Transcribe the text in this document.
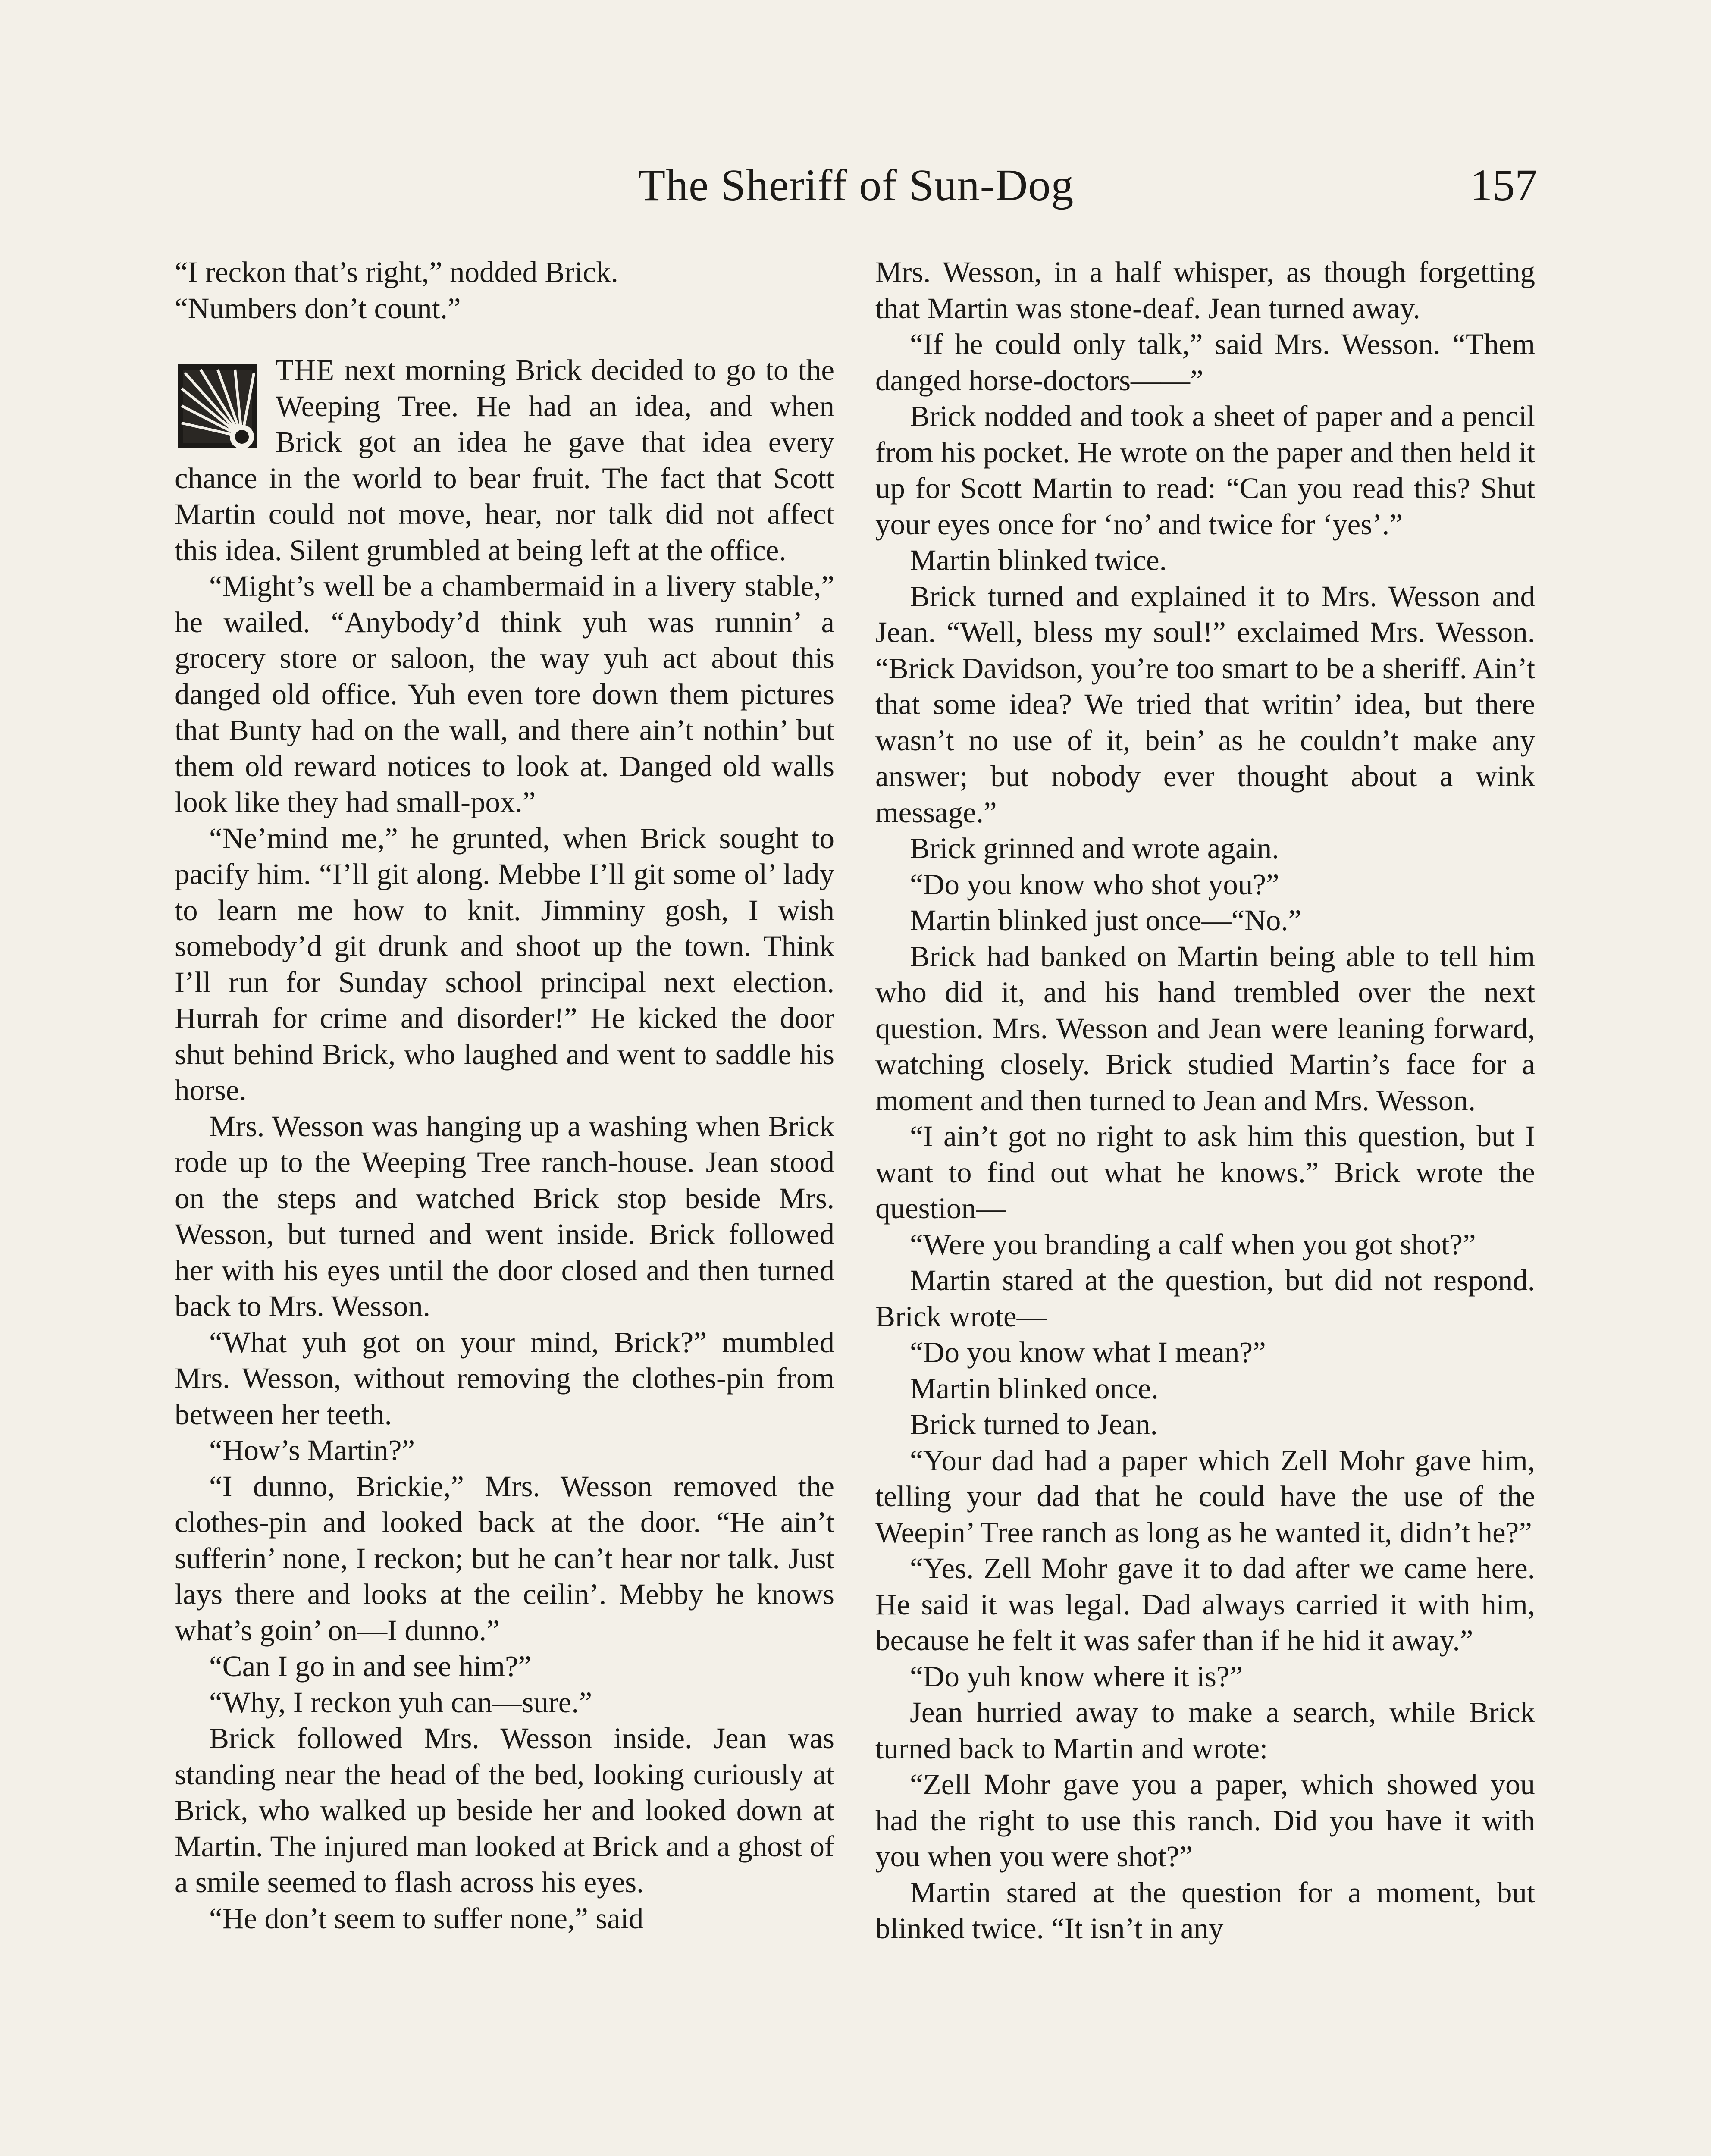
The Sheriff of Sun-Dog	157

“I reckon that’s right,” nodded Brick.

“Numbers don’t count.”

THE next morning Brick decided to go to the Weeping Tree. He had an idea, and when Brick got an idea he gave that idea every chance in the world to bear fruit. The fact that Scott Martin could not move, hear, nor talk did not affect this idea. Silent grumbled at being left at the office.

“Might’s well be a chambermaid in a livery stable,” he wailed. “Anybody’d think yuh was runnin’ a grocery store or saloon, the way yuh act about this danged old office. Yuh even tore down them pictures that Bunty had on the wall, and there ain’t nothin’ but them old reward notices to look at. Danged old walls look like they had small-pox.”

“Ne’mind me,” he grunted, when Brick sought to pacify him. “I’ll git along. Mebbe I’ll git some ol’ lady to learn me how to knit. Jimminy gosh, I wish somebody’d git drunk and shoot up the town. Think I’ll run for Sunday school principal next election. Hurrah for crime and disorder!” He kicked the door shut behind Brick, who laughed and went to saddle his horse.

Mrs. Wesson was hanging up a washing when Brick rode up to the Weeping Tree ranch-house. Jean stood on the steps and watched Brick stop beside Mrs. Wesson, but turned and went inside. Brick followed her with his eyes until the door closed and then turned back to Mrs. Wesson.

“What yuh got on your mind, Brick?” mumbled Mrs. Wesson, without removing the clothes-pin from between her teeth.

“How’s Martin?”

“I dunno, Brickie,” Mrs. Wesson removed the clothes-pin and looked back at the door. “He ain’t sufferin’ none, I reckon; but he can’t hear nor talk. Just lays there and looks at the ceilin’. Mebby he knows what’s goin’ on—I dunno.”

“Can I go in and see him?”

“Why, I reckon yuh can—sure.”

Brick followed Mrs. Wesson inside. Jean was standing near the head of the bed, looking curiously at Brick, who walked up beside her and looked down at Martin. The injured man looked at Brick and a ghost of a smile seemed to flash across his eyes.

“He don’t seem to suffer none,” said

Mrs. Wesson, in a half whisper, as though forgetting that Martin was stone-deaf. Jean turned away.

“If he could only talk,” said Mrs. Wesson. “Them danged horse-doctors——”

Brick nodded and took a sheet of paper and a pencil from his pocket. He wrote on the paper and then held it up for Scott Martin to read: “Can you read this? Shut your eyes once for ‘no’ and twice for ‘yes’.”

Martin blinked twice.

Brick turned and explained it to Mrs. Wesson and Jean. “Well, bless my soul!” exclaimed Mrs. Wesson. “Brick Davidson, you’re too smart to be a sheriff. Ain’t that some idea? We tried that writin’ idea, but there wasn’t no use of it, bein’ as he couldn’t make any answer; but nobody ever thought about a wink message.”

Brick grinned and wrote again.

“Do you know who shot you?”

Martin blinked just once—“No.”

Brick had banked on Martin being able to tell him who did it, and his hand trembled over the next question. Mrs. Wesson and Jean were leaning forward, watching closely. Brick studied Martin’s face for a moment and then turned to Jean and Mrs. Wesson.

“I ain’t got no right to ask him this question, but I want to find out what he knows.” Brick wrote the question—

“Were you branding a calf when you got shot?”

Martin stared at the question, but did not respond. Brick wrote—

“Do you know what I mean?”

Martin blinked once.

Brick turned to Jean.

“Your dad had a paper which Zell Mohr gave him, telling your dad that he could have the use of the Weepin’ Tree ranch as long as he wanted it, didn’t he?”

“Yes. Zell Mohr gave it to dad after we came here. He said it was legal. Dad always carried it with him, because he felt it was safer than if he hid it away.”

“Do yuh know where it is?”

Jean hurried away to make a search, while Brick turned back to Martin and wrote:

“Zell Mohr gave you a paper, which showed you had the right to use this ranch. Did you have it with you when you were shot?”

Martin stared at the question for a moment, but blinked twice. “It isn’t in any
